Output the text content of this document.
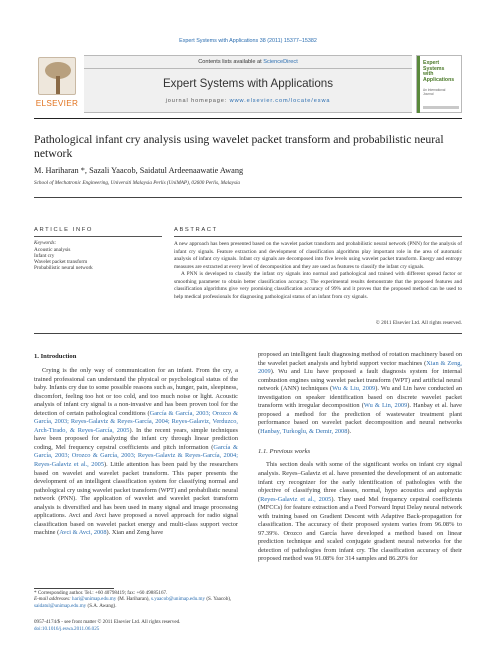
Expert Systems with Applications 38 (2011) 15377–15382
ELSEVIER
Contents lists available at ScienceDirect
Expert Systems with Applications
journal homepage: www.elsevier.com/locate/eswa
Expert
Systems
with
Applications
An International
Journal
Pathological infant cry analysis using wavelet packet transform and probabilistic neural network
M. Hariharan *, Sazali Yaacob, Saidatul Ardeenaawatie Awang
School of Mechatronic Engineering, Universiti Malaysia Perlis (UniMAP), 02600 Perlis, Malaysia
ARTICLE INFO
Keywords:
Acoustic analysis
Infant cry
Wavelet packet transform
Probabilistic neural network
ABSTRACT

A new approach has been presented based on the wavelet packet transform and probabilistic neural network (PNN) for the analysis of infant cry signals. Feature extraction and development of classification algorithms play important role in the area of automatic analysis of infant cry signals. Infant cry signals are decomposed into five levels using wavelet packet transform. Energy and entropy measures are extracted at every level of decomposition and they are used as features to classify the infant cry signals.

A PNN is developed to classify the infant cry signals into normal and pathological and trained with different spread factor or smoothing parameter to obtain better classification accuracy. The experimental results demonstrate that the proposed features and classification algorithms give very promising classification accuracy of 99% and it proves that the proposed method can be used to help medical professionals for diagnosing pathological status of an infant from cry signals.

© 2011 Elsevier Ltd. All rights reserved.
1. Introduction

Crying is the only way of communication for an infant. From the cry, a trained professional can understand the physical or psychological status of the baby. Infants cry due to some possible reasons such as, hunger, pain, sleepiness, discomfort, feeling too hot or too cold, and too much noise or light. Acoustic analysis of infant cry signal is a non-invasive and has been proven tool for the detection of certain pathological conditions (García & García, 2003; Orozco & García, 2003; Reyes-Galaviz & Reyes-García, 2004; Reyes-Galaviz, Verduzco, Arch-Tirado, & Reyes-García, 2005). In the recent years, simple techniques have been proposed for analyzing the infant cry through linear prediction coding, Mel frequency cepstral coefficients and pitch information (García & García, 2003; Orozco & García, 2003; Reyes-Galaviz & Reyes-García, 2004; Reyes-Galaviz et al., 2005). Little attention has been paid by the researchers based on wavelet and wavelet packet transform. This paper presents the development of an intelligent classification system for classifying normal and pathological cry using wavelet packet transform (WPT) and probabilistic neural network (PNN). The application of wavelet and wavelet packet transform analysis is diversified and has been used in many signal and image processing applications. Avci and Avci have proposed a novel approach for radio signal classification based on wavelet packet energy and multi-class support vector machine (Avci & Avci, 2008). Xian and Zeng have

proposed an intelligent fault diagnosing method of rotation machinery based on the wavelet packet analysis and hybrid support vector machines (Xian & Zeng, 2009). Wu and Liu have proposed a fault diagnosis system for internal combustion engines using wavelet packet transform (WPT) and artificial neural network (ANN) techniques (Wu & Liu, 2009). Wu and Lin have conducted an investigation on speaker identification based on discrete wavelet packet transform with irregular decomposition (Wu & Lin, 2009). Hanbay et al. have proposed a method for the prediction of wastewater treatment plant performance based on wavelet packet decomposition and neural networks (Hanbay, Turkoglu, & Demir, 2008).

1.1. Previous works

This section deals with some of the significant works on infant cry signal analysis. Reyes–Galaviz et al. have presented the development of an automatic infant cry recognizer for the early identification of pathologies with the objective of classifying three classes, normal, hypo acoustics and asphyxia (Reyes-Galaviz et al., 2005). They used Mel frequency cepstral coefficients (MFCCs) for feature extraction and a Feed Forward Input Delay neural network with training based on Gradient Descent with Adaptive Back-propagation for classification. The accuracy of their proposed system varies from 96.08% to 97.39%. Orozco and García have developed a method based on linear prediction technique and scaled conjugate gradient neural networks for the detection of pathologies from infant cry. The classification accuracy of their proposed method was 91.08% for 314 samples and 86.20% for

* Corresponding author. Tel.: +60 40798419; fax: +60 49885167.
E-mail addresses: hari@unimap.edu.my (M. Hariharan), s.yaacob@unimap.edu.my (S. Yaacob), saidatul@unimap.edu.my (S.A. Awang).
0957-4174/$ - see front matter © 2011 Elsevier Ltd. All rights reserved.
doi:10.1016/j.eswa.2011.06.025
